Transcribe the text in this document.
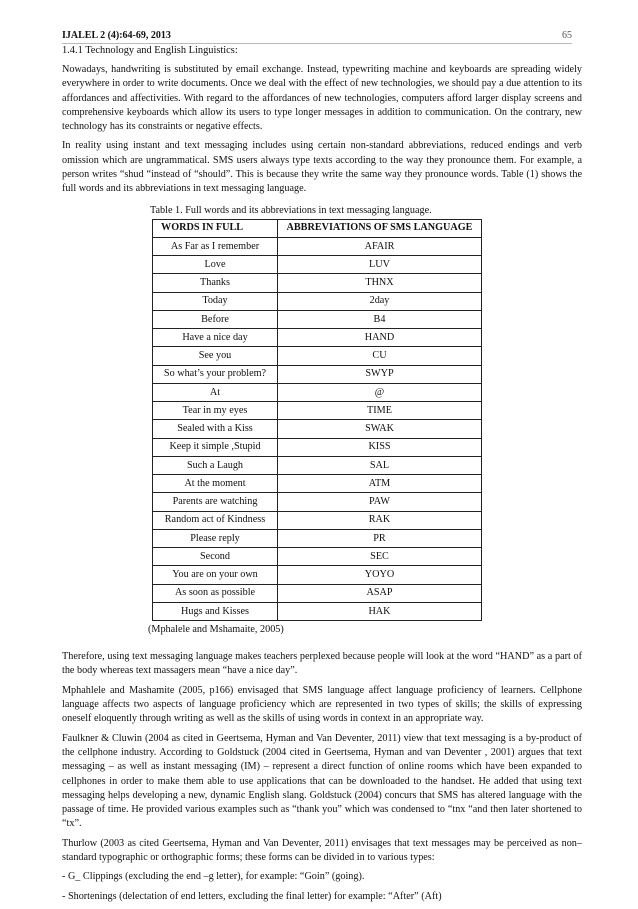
IJALEL 2 (4):64-69, 2013	65
1.4.1 Technology and English Linguistics:

Nowadays, handwriting is substituted by email exchange. Instead, typewriting machine and keyboards are spreading widely everywhere in order to write documents. Once we deal with the effect of new technologies, we should pay a due attention to its affordances and affectivities. With regard to the affordances of new technologies, computers afford larger display screens and comprehensive keyboards which allow its users to type longer messages in addition to communication. On the contrary, new technology has its constraints or negative effects.

In reality using instant and text messaging includes using certain non-standard abbreviations, reduced endings and verb omission which are ungrammatical. SMS users always type texts according to the way they pronounce them. For example, a person writes “shud “instead of “should”. This is because they write the same way they pronounce words. Table (1) shows the full words and its abbreviations in text messaging language.

Table 1. Full words and its abbreviations in text messaging language.
WORDS IN FULL	ABBREVIATIONS OF SMS LANGUAGE
As Far as I remember	AFAIR
Love	LUV
Thanks	THNX
Today	2day
Before	B4
Have a nice day	HAND
See you	CU
So what’s your problem?	SWYP
At	@
Tear in my eyes	TIME
Sealed with a Kiss	SWAK
Keep it simple ,Stupid	KISS
Such a Laugh	SAL
At the moment	ATM
Parents are watching	PAW
Random act of Kindness	RAK
Please reply	PR
Second	SEC
You are on your own	YOYO
As soon as possible	ASAP
Hugs and Kisses	HAK
(Mphalele and Mshamaite, 2005)

Therefore, using text messaging language makes teachers perplexed because people will look at the word “HAND” as a part of the body whereas text massagers mean “have a nice day”.

Mphahlele and Mashamite (2005, p166) envisaged that SMS language affect language proficiency of learners. Cellphone language affects two aspects of language proficiency which are represented in two types of skills; the skills of expressing oneself eloquently through writing as well as the skills of using words in context in an appropriate way.

Faulkner & Cluwin (2004 as cited in Geertsema, Hyman and Van Deventer, 2011) view that text messaging is a by-product of the cellphone industry. According to Goldstuck (2004 cited in Geertsema, Hyman and van Deventer , 2001) argues that text messaging – as well as instant messaging (IM) – represent a direct function of online rooms which have been expanded to cellphones in order to make them able to use applications that can be downloaded to the handset. He added that using text messaging helps developing a new, dynamic English slang. Goldstuck (2004) concurs that SMS has altered language with the passage of time. He provided various examples such as “thank you” which was condensed to “tnx “and then later shortened to “tx”.

Thurlow (2003 as cited Geertsema, Hyman and Van Deventer, 2011) envisages that text messages may be perceived as non–standard typographic or orthographic forms; these forms can be divided in to various types:

- G_ Clippings (excluding the end –g letter), for example: “Goin” (going).

- Shortenings (delectation of end letters, excluding the final letter) for example: “After” (Aft)
